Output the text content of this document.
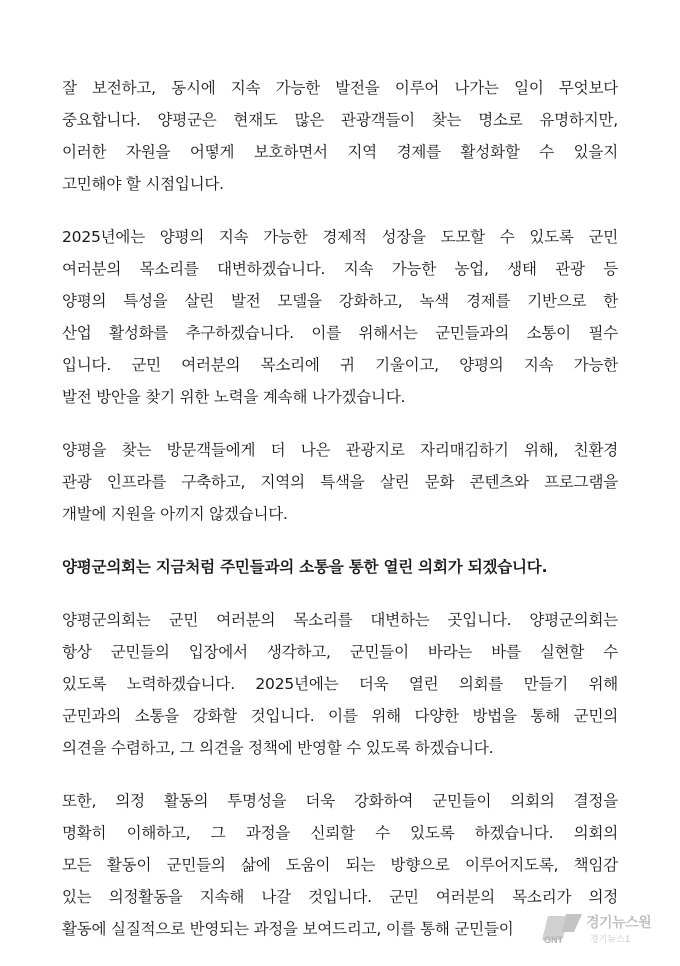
잘 보전하고, 동시에 지속 가능한 발전을 이루어 나가는 일이 무엇보다
중요합니다. 양평군은 현재도 많은 관광객들이 찾는 명소로 유명하지만,
이러한 자원을 어떻게 보호하면서 지역 경제를 활성화할 수 있을지
고민해야 할 시점입니다.
2025년에는 양평의 지속 가능한 경제적 성장을 도모할 수 있도록 군민
여러분의 목소리를 대변하겠습니다. 지속 가능한 농업, 생태 관광 등
양평의 특성을 살린 발전 모델을 강화하고, 녹색 경제를 기반으로 한
산업 활성화를 추구하겠습니다. 이를 위해서는 군민들과의 소통이 필수
입니다. 군민 여러분의 목소리에 귀 기울이고, 양평의 지속 가능한
발전 방안을 찾기 위한 노력을 계속해 나가겠습니다.
양평을 찾는 방문객들에게 더 나은 관광지로 자리매김하기 위해, 친환경
관광 인프라를 구축하고, 지역의 특색을 살린 문화 콘텐츠와 프로그램을
개발에 지원을 아끼지 않겠습니다.
양평군의회는 지금처럼 주민들과의 소통을 통한 열린 의회가 되겠습니다.
양평군의회는 군민 여러분의 목소리를 대변하는 곳입니다. 양평군의회는
항상 군민들의 입장에서 생각하고, 군민들이 바라는 바를 실현할 수
있도록 노력하겠습니다. 2025년에는 더욱 열린 의회를 만들기 위해
군민과의 소통을 강화할 것입니다. 이를 위해 다양한 방법을 통해 군민의
의견을 수렴하고, 그 의견을 정책에 반영할 수 있도록 하겠습니다.
또한, 의정 활동의 투명성을 더욱 강화하여 군민들이 의회의 결정을
명확히 이해하고, 그 과정을 신뢰할 수 있도록 하겠습니다. 의회의
모든 활동이 군민들의 삶에 도움이 되는 방향으로 이루어지도록, 책임감
있는 의정활동을 지속해 나갈 것입니다. 군민 여러분의 목소리가 의정
활동에 실질적으로 반영되는 과정을 보여드리고, 이를 통해 군민들이
GNT
경기뉴스원
경기뉴스1
